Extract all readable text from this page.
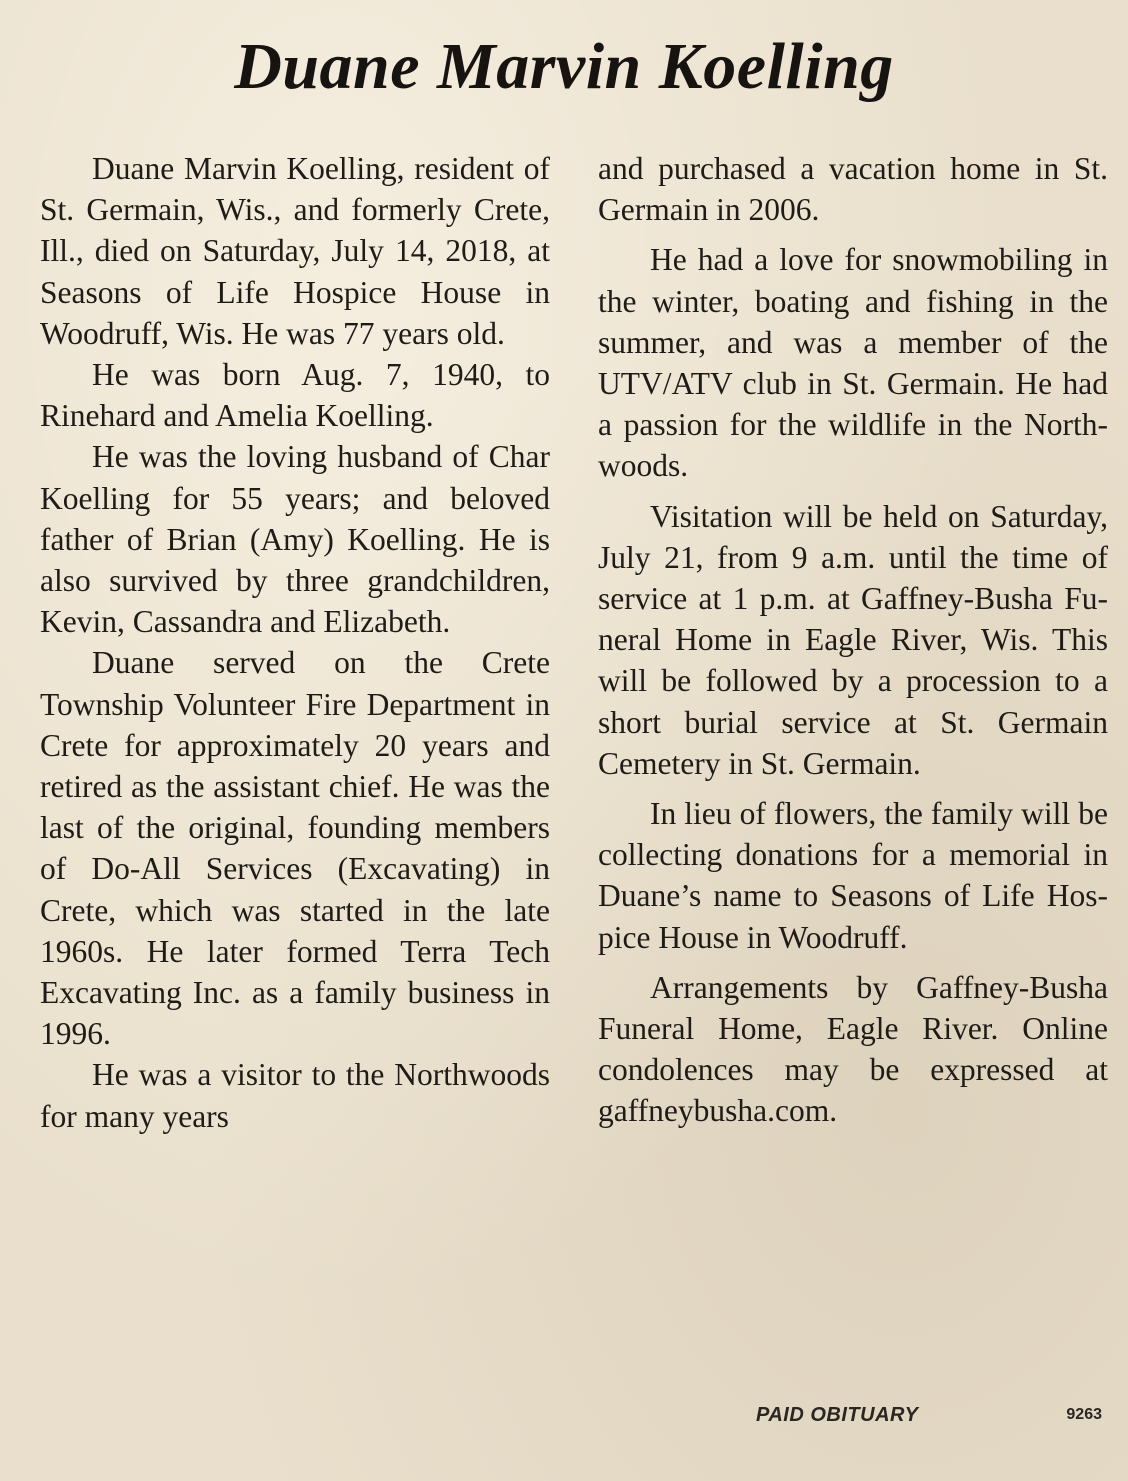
Duane Marvin Koelling

Duane Marvin Koelling, resident of St. Germain, Wis., and formerly Crete, Ill., died on Saturday, July 14, 2018, at Seasons of Life Hospice House in Woodruff, Wis. He was 77 years old.

He was born Aug. 7, 1940, to Rinehard and Amelia Koelling.

He was the loving husband of Char Koelling for 55 years; and beloved father of Brian (Amy) Koelling. He is also survived by three grandchildren, Kevin, Cassandra and Elizabeth.

Duane served on the Crete Township Volunteer Fire Department in Crete for approximately 20 years and retired as the assistant chief. He was the last of the original, founding members of Do-All Services (Excavating) in Crete, which was started in the late 1960s. He later formed Terra Tech Excavating Inc. as a family business in 1996.

He was a visitor to the Northwoods for many years

and purchased a vacation home in St. Germain in 2006.

He had a love for snowmobiling in the winter, boating and fishing in the summer, and was a member of the UTV/ATV club in St. Germain. He had a passion for the wildlife in the Northwoods.

Visitation will be held on Saturday, July 21, from 9 a.m. until the time of service at 1 p.m. at Gaffney-Busha Funeral Home in Eagle River, Wis. This will be followed by a procession to a short burial service at St. Germain Cemetery in St. Germain.

In lieu of flowers, the family will be collecting donations for a memorial in Duane’s name to Seasons of Life Hospice House in Woodruff.

Arrangements by Gaffney-Busha Funeral Home, Eagle River. Online condolences may be expressed at gaffneybusha.com.

PAID OBITUARY	9263
